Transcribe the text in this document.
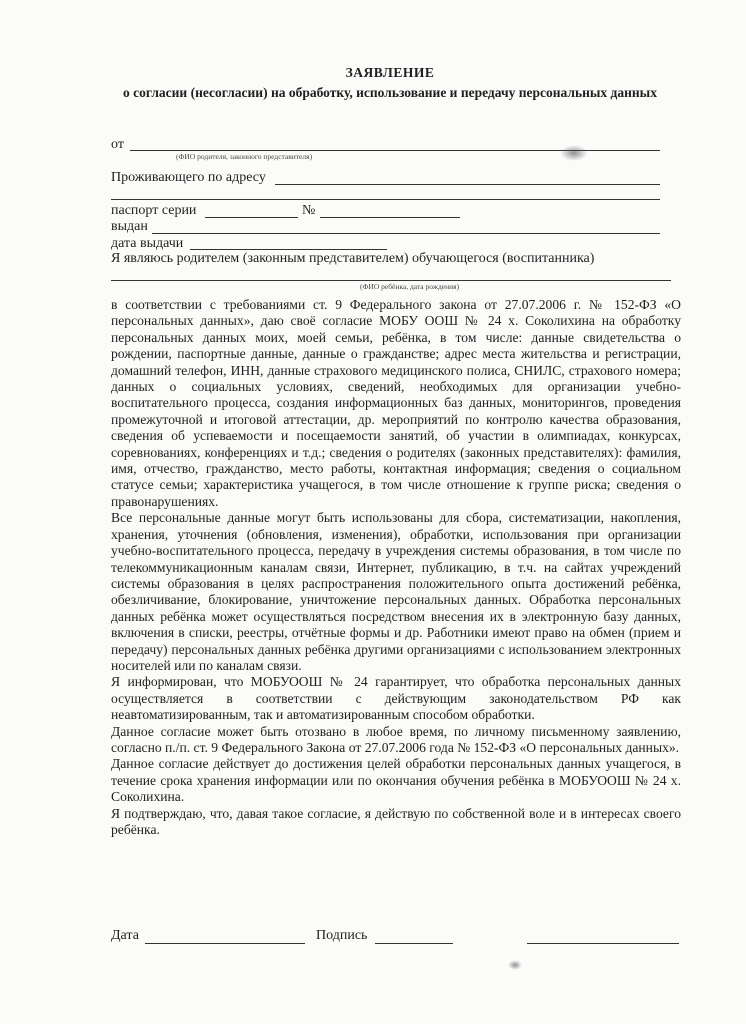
ЗАЯВЛЕНИЕ
о согласии (несогласии) на обработку, использование и передачу персональных данных
от
(ФИО родителя, законного представителя)
Проживающего по адресу
паспорт серии	№
выдан
дата выдачи
Я являюсь родителем (законным представителем) обучающегося (воспитанника)
(ФИО ребёнка, дата рождения)

в соответствии с требованиями ст. 9 Федерального закона от 27.07.2006 г. № 152-ФЗ «О персональных данных», даю своё согласие МОБУ ООШ № 24 х. Соколихина на обработку персональных данных моих, моей семьи, ребёнка, в том числе: данные свидетельства о рождении, паспортные данные, данные о гражданстве; адрес места жительства и регистрации, домашний телефон, ИНН, данные страхового медицинского полиса, СНИЛС, страхового номера; данных о социальных условиях, сведений, необходимых для организации учебно-воспитательного процесса, создания информационных баз данных, мониторингов, проведения промежуточной и итоговой аттестации, др. мероприятий по контролю качества образования, сведения об успеваемости и посещаемости занятий, об участии в олимпиадах, конкурсах, соревнованиях, конференциях и т.д.; сведения о родителях (законных представителях): фамилия, имя, отчество, гражданство, место работы, контактная информация; сведения о социальном статусе семьи; характеристика учащегося, в том числе отношение к группе риска; сведения о правонарушениях.

Все персональные данные могут быть использованы для сбора, систематизации, накопления, хранения, уточнения (обновления, изменения), обработки, использования при организации учебно-воспитательного процесса, передачу в учреждения системы образования, в том числе по телекоммуникационным каналам связи, Интернет, публикацию, в т.ч. на сайтах учреждений системы образования в целях распространения положительного опыта достижений ребёнка, обезличивание, блокирование, уничтожение персональных данных. Обработка персональных данных ребёнка может осуществляться посредством внесения их в электронную базу данных, включения в списки, реестры, отчётные формы и др. Работники имеют право на обмен (прием и передачу) персональных данных ребёнка другими организациями с использованием электронных носителей или по каналам связи.

Я информирован, что МОБУООШ № 24 гарантирует, что обработка персональных данных осуществляется в соответствии с действующим законодательством РФ как неавтоматизированным, так и автоматизированным способом обработки.

Данное согласие может быть отозвано в любое время, по личному письменному заявлению, согласно п./п. ст. 9 Федерального Закона от 27.07.2006 года № 152-ФЗ «О персональных данных».

Данное согласие действует до достижения целей обработки персональных данных учащегося, в течение срока хранения информации или по окончания обучения ребёнка в МОБУООШ № 24 х. Соколихина.

Я подтверждаю, что, давая такое согласие, я действую по собственной воле и в интересах своего ребёнка.

Дата	Подпись
